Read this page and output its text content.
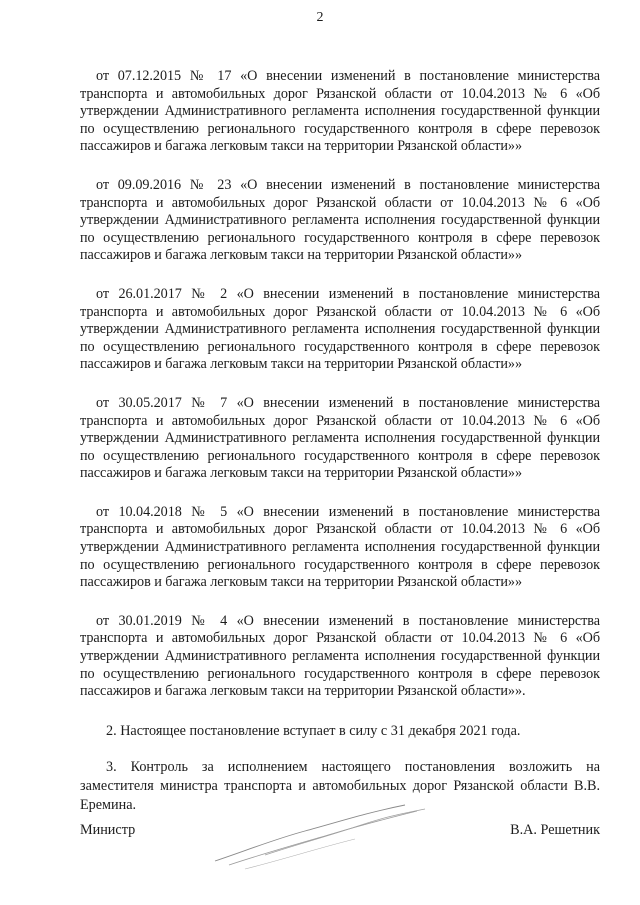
2

от 07.12.2015 № 17 «О внесении изменений в постановление министерства транспорта и автомобильных дорог Рязанской области от 10.04.2013 № 6 «Об утверждении Административного регламента исполнения государственной функции по осуществлению регионального государственного контроля в сфере перевозок пассажиров и багажа легковым такси на территории Рязанской области»»

от 09.09.2016 № 23 «О внесении изменений в постановление министерства транспорта и автомобильных дорог Рязанской области от 10.04.2013 № 6 «Об утверждении Административного регламента исполнения государственной функции по осуществлению регионального государственного контроля в сфере перевозок пассажиров и багажа легковым такси на территории Рязанской области»»

от 26.01.2017 № 2 «О внесении изменений в постановление министерства транспорта и автомобильных дорог Рязанской области от 10.04.2013 № 6 «Об утверждении Административного регламента исполнения государственной функции по осуществлению регионального государственного контроля в сфере перевозок пассажиров и багажа легковым такси на территории Рязанской области»»

от 30.05.2017 № 7 «О внесении изменений в постановление министерства транспорта и автомобильных дорог Рязанской области от 10.04.2013 № 6 «Об утверждении Административного регламента исполнения государственной функции по осуществлению регионального государственного контроля в сфере перевозок пассажиров и багажа легковым такси на территории Рязанской области»»

от 10.04.2018 № 5 «О внесении изменений в постановление министерства транспорта и автомобильных дорог Рязанской области от 10.04.2013 № 6 «Об утверждении Административного регламента исполнения государственной функции по осуществлению регионального государственного контроля в сфере перевозок пассажиров и багажа легковым такси на территории Рязанской области»»

от 30.01.2019 № 4 «О внесении изменений в постановление министерства транспорта и автомобильных дорог Рязанской области от 10.04.2013 № 6 «Об утверждении Административного регламента исполнения государственной функции по осуществлению регионального государственного контроля в сфере перевозок пассажиров и багажа легковым такси на территории Рязанской области»».

2. Настоящее постановление вступает в силу с 31 декабря 2021 года.

3. Контроль за исполнением настоящего постановления возложить на заместителя министра транспорта и автомобильных дорог Рязанской области В.В. Еремина.

Министр	В.А. Решетник
